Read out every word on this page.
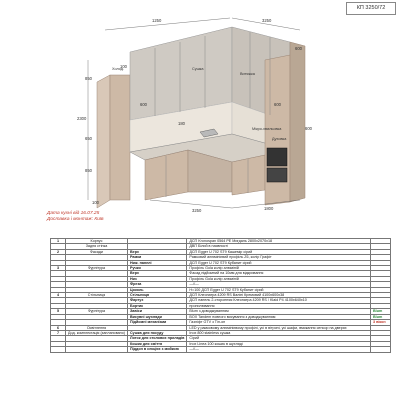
КП 3250/72
1250	3250
2300
850
850
650
100
3250	1800
600	600
100
180
600
600
Сушка
Витяжка
Духовка
Мікро-хвильовка
Холод.
Дата кухні від 16.07.25
Доставка і монтаж: Київ
1	Корпус		ДСП Kronospan 0564 PE Мигдаль 2800х2070х18	
	Задня стінка		ДВП Білий в наявності	
2	Фасади	Верх	ДСП Egger U 702 ST9 Кашемір сірий	
		Рамки	Рамковий алюмінієвий профіль Z6, колір Графіт	
		Ниж. панелі	ДСП Egger U 702 ST9 Кубанит сірий	
3	Фурнітура	Ручки	Профіль Gola колір алюміній	
		Верх	Фасад підйомний на 10мм для відкривання	
		Низ	Профіль Gola колір алюміній	
		Фреза	—//—	
		Цоколь	H=100 ДСП Egger U 702 ST9 Кубанит сірий	
4	Стільниця	Стільниця	ДСП Клеопатра 4209 RS Валіні Кремовий 4100х600х38	
		Фартух	ДСП панель 2-сторонняя Клеопатра 4209 RS / Klaid P4 4100х640х10	
		Бортик	пропилювання	
5	Фурнітура	Завіси	Blum з доводжуванням	Blum
		Висувні шухляди	BOX Tandem повного висування з доводжуванням	Blum
		Підйомні механізми	Газліфт GTV з Тіп-он	3 вікон
6	Освітлення		LED у рамковому алюмінієвому профілі, усі в вітрині, усі шафи, вмикання сенсор на дверях	
7	Дод. комплектація (заплановано)	Сушка для посуду	Inox 800 stainless сушка	
		Лоток для столових приладів	Сірий	
		Кошик для сміття	Inox Linea 100 кошик в шухляді	
		Піддон в секціях з мийкою	—//—	
